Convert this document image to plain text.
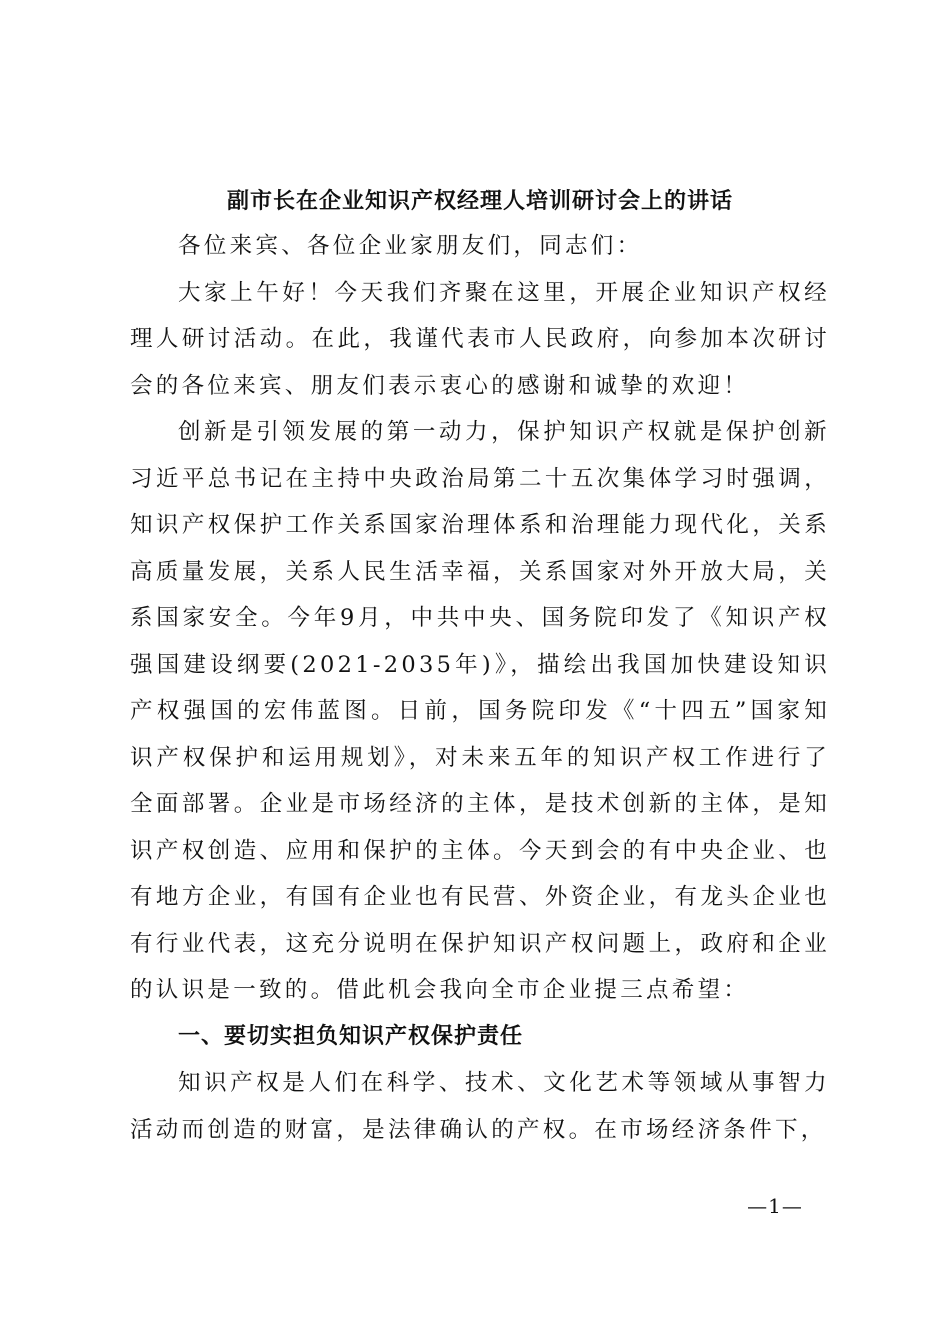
副市长在企业知识产权经理人培训研讨会上的讲话

各位来宾、各位企业家朋友们，同志们：

大家上午好！今天我们齐聚在这里，开展企业知识产权经理人研讨活动。在此，我谨代表市人民政府，向参加本次研讨会的各位来宾、朋友们表示衷心的感谢和诚挚的欢迎！

创新是引领发展的第一动力，保护知识产权就是保护创新习近平总书记在主持中央政治局第二十五次集体学习时强调，知识产权保护工作关系国家治理体系和治理能力现代化，关系高质量发展，关系人民生活幸福，关系国家对外开放大局，关系国家安全。今年9月，中共中央、国务院印发了《知识产权强国建设纲要(2021-2035年)》，描绘出我国加快建设知识产权强国的宏伟蓝图。日前，国务院印发《“十四五”国家知识产权保护和运用规划》，对未来五年的知识产权工作进行了全面部署。企业是市场经济的主体，是技术创新的主体，是知识产权创造、应用和保护的主体。今天到会的有中央企业、也有地方企业，有国有企业也有民营、外资企业，有龙头企业也有行业代表，这充分说明在保护知识产权问题上，政府和企业的认识是一致的。借此机会我向全市企业提三点希望：

一、要切实担负知识产权保护责任

知识产权是人们在科学、技术、文化艺术等领域从事智力活动而创造的财富，是法律确认的产权。在市场经济条件下，

—1—
